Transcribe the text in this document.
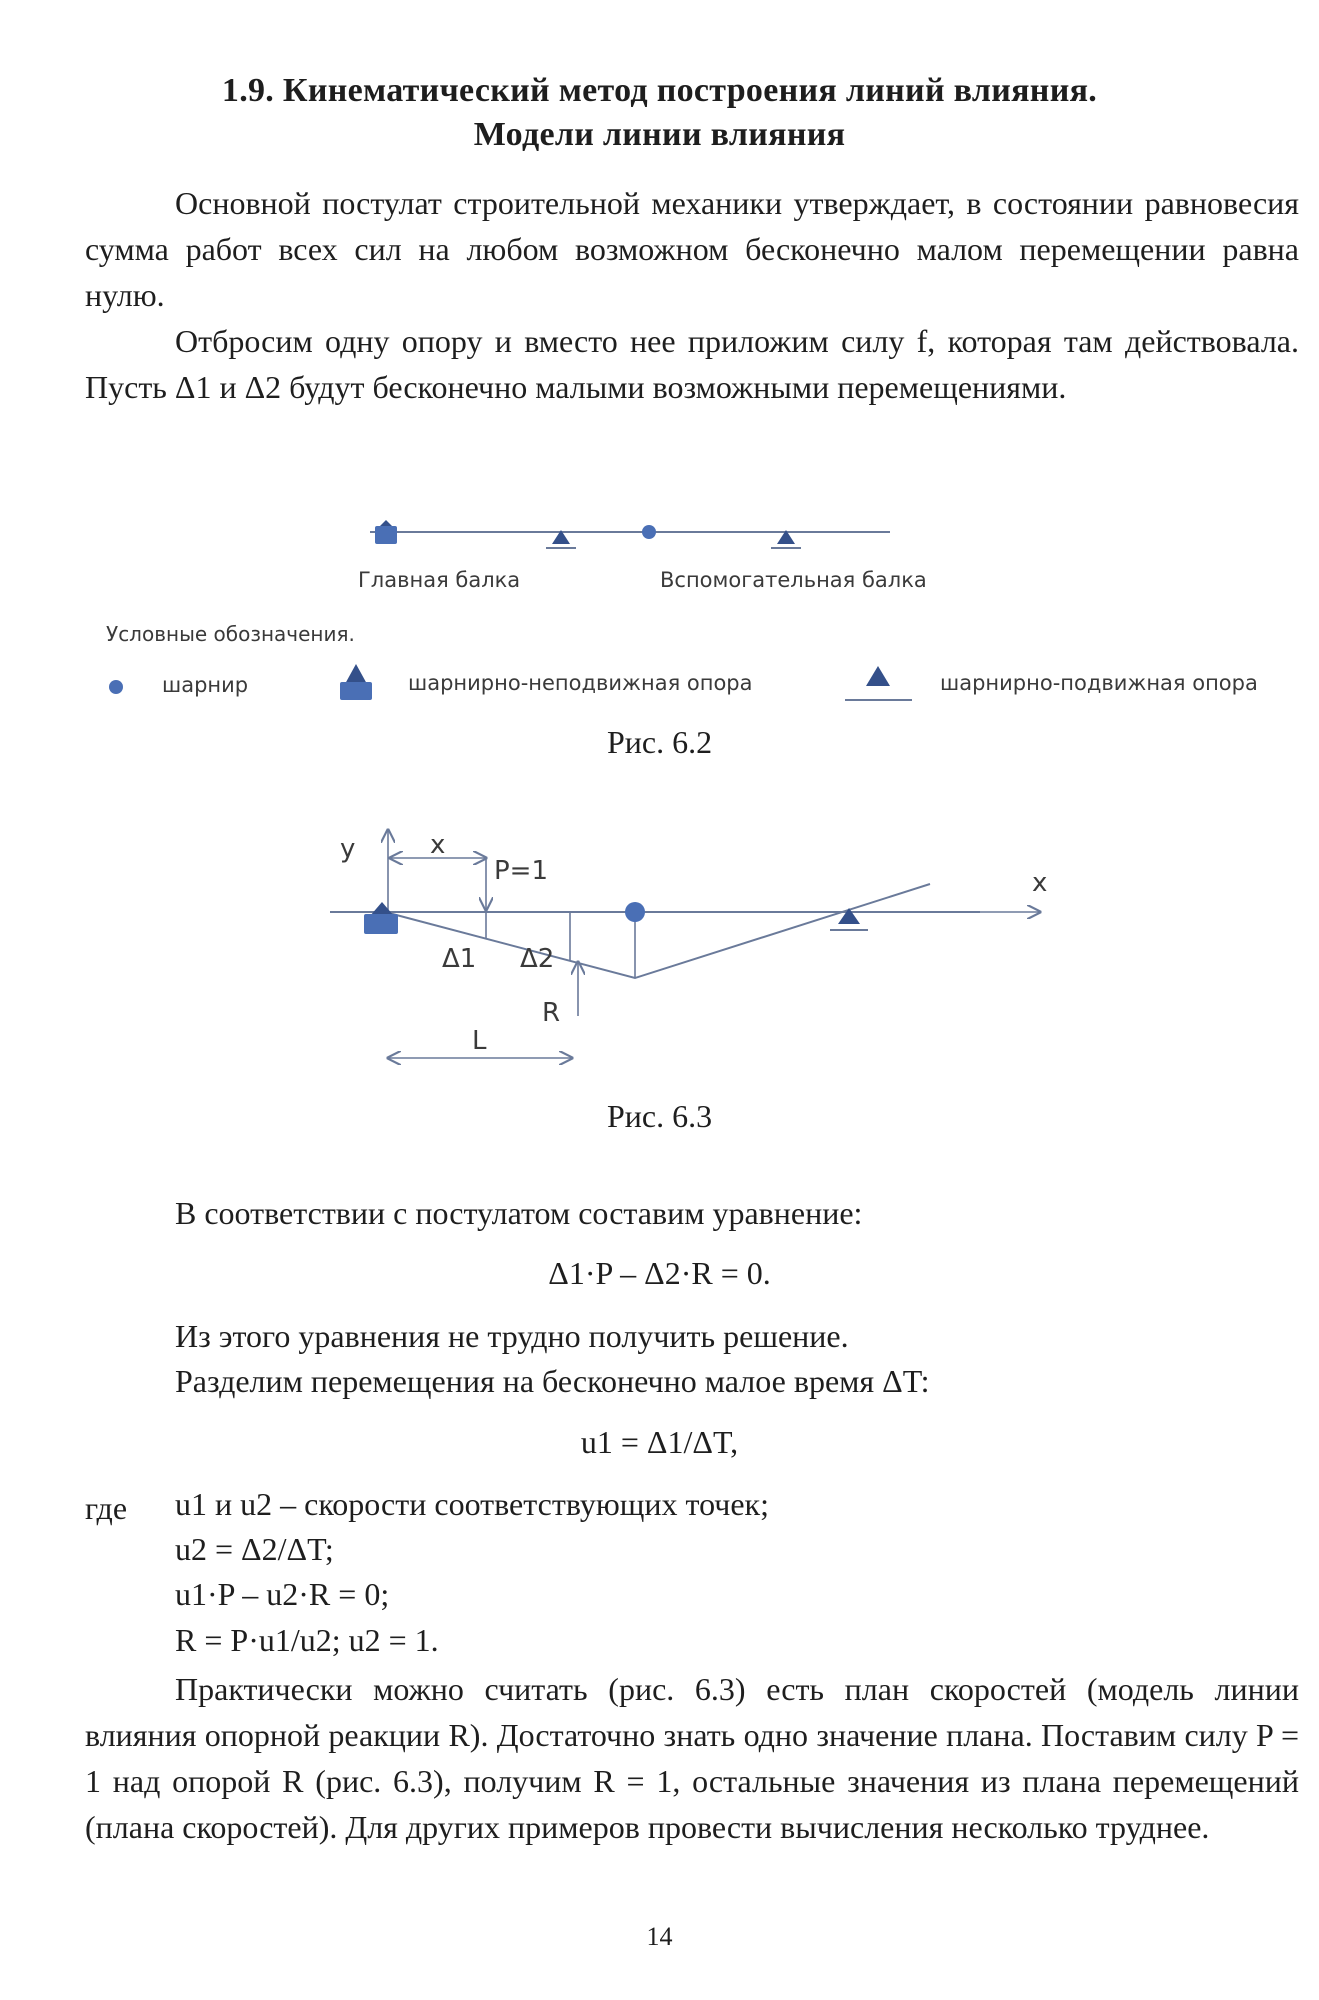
1.9. Кинематический метод построения линий влияния.
Модели линии влияния
Основной постулат строительной механики утверждает, в состоянии равновесия сумма работ всех сил на любом возможном бесконечно малом перемещении равна нулю.
Отбросим одну опору и вместо нее приложим силу f, которая там действовала. Пусть Δ1 и Δ2 будут бесконечно малыми возможными перемещениями.
Главная балка	Вспомогательная балка
Условные обозначения.
шарнир	шарнирно-неподвижная опора	шарнирно-подвижная опора
Рис. 6.2
y	x
P=1	x
Δ1 Δ2
R
L
Рис. 6.3
В соответствии с постулатом составим уравнение:
Δ1·P – Δ2·R = 0.
Из этого уравнения не трудно получить решение.
Разделим перемещения на бесконечно малое время ΔT:
u1 = Δ1/ΔT,
где u1 и u2 – скорости соответствующих точек;
u2 = Δ2/ΔT;
u1·P – u2·R = 0;
R = P·u1/u2; u2 = 1.
Практически можно считать (рис. 6.3) есть план скоростей (модель линии влияния опорной реакции R). Достаточно знать одно значение плана. Поставим силу P = 1 над опорой R (рис. 6.3), получим R = 1, остальные значения из плана перемещений (плана скоростей). Для других примеров провести вычисления несколько труднее.
14
